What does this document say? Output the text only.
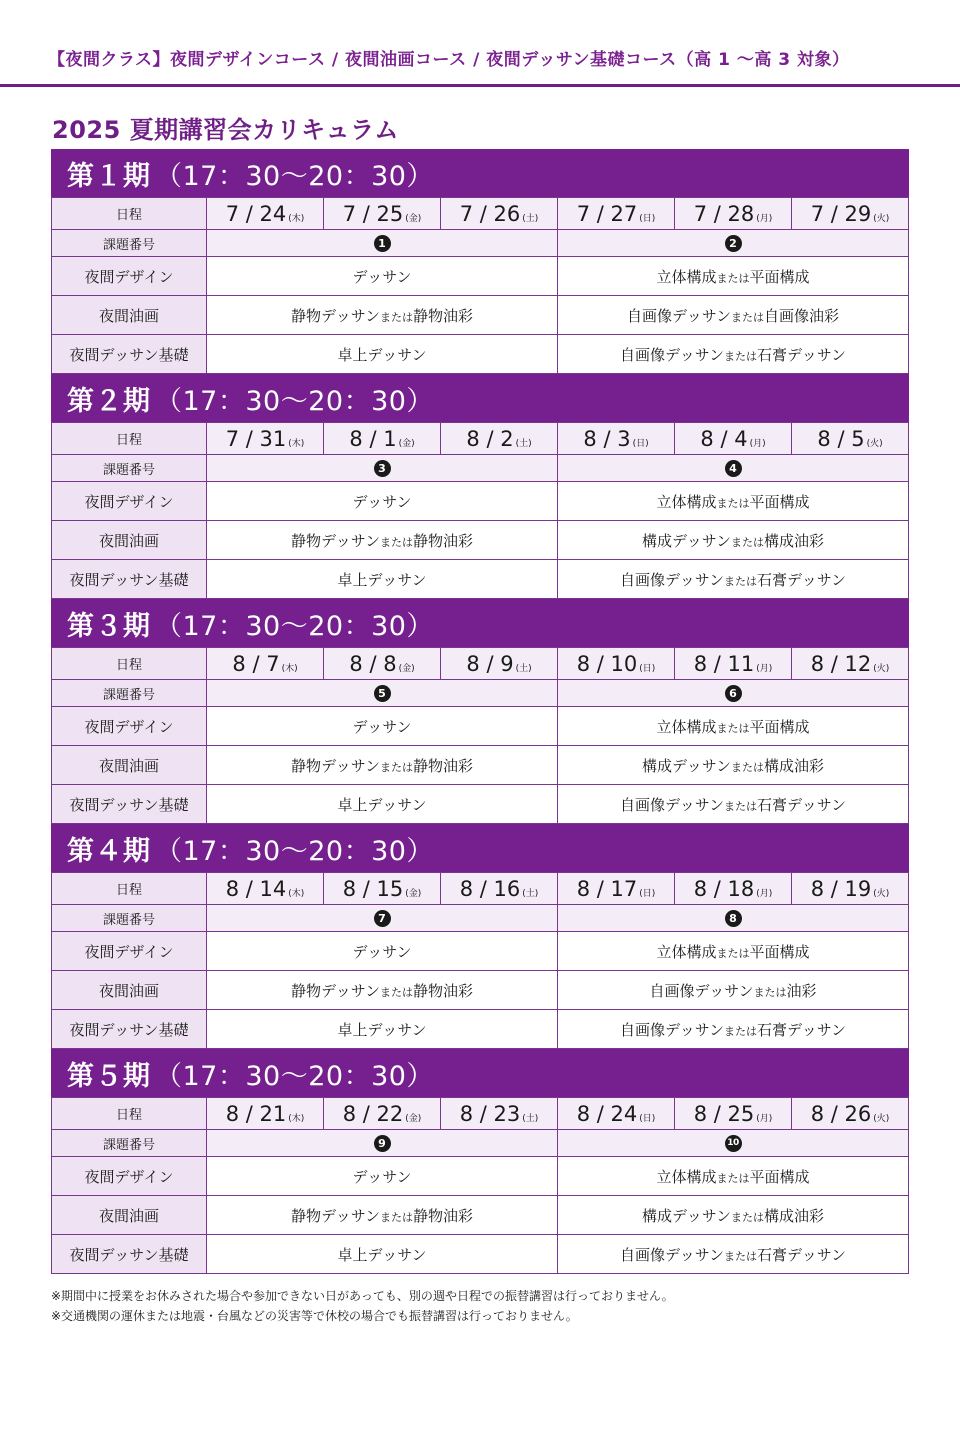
【夜間クラス】夜間デザインコース / 夜間油画コース / 夜間デッサン基礎コース（高 1 〜高 3 対象）
2025 夏期講習会カリキュラム
第１期 （17：30〜20：30）
日程	7 / 24 (木)	7 / 25 (金)	7 / 26 (土)	7 / 27 (日)	7 / 28 (月)	7 / 29 (火)
課題番号	1			2		
夜間デザイン	デッサン			立体構成または平面構成		
夜間油画	静物デッサンまたは静物油彩			自画像デッサンまたは自画像油彩		
夜間デッサン基礎	卓上デッサン			自画像デッサンまたは石膏デッサン		
第２期 （17：30〜20：30）
日程	7 / 31 (木)	8 / 1 (金)	8 / 2 (土)	8 / 3 (日)	8 / 4 (月)	8 / 5 (火)
課題番号	3			4		
夜間デザイン	デッサン			立体構成または平面構成		
夜間油画	静物デッサンまたは静物油彩			構成デッサンまたは構成油彩		
夜間デッサン基礎	卓上デッサン			自画像デッサンまたは石膏デッサン		
第３期 （17：30〜20：30）
日程	8 / 7 (木)	8 / 8 (金)	8 / 9 (土)	8 / 10 (日)	8 / 11 (月)	8 / 12 (火)
課題番号	5			6		
夜間デザイン	デッサン			立体構成または平面構成		
夜間油画	静物デッサンまたは静物油彩			構成デッサンまたは構成油彩		
夜間デッサン基礎	卓上デッサン			自画像デッサンまたは石膏デッサン		
第４期 （17：30〜20：30）
日程	8 / 14 (木)	8 / 15 (金)	8 / 16 (土)	8 / 17 (日)	8 / 18 (月)	8 / 19 (火)
課題番号	7			8		
夜間デザイン	デッサン			立体構成または平面構成		
夜間油画	静物デッサンまたは静物油彩			自画像デッサンまたは油彩		
夜間デッサン基礎	卓上デッサン			自画像デッサンまたは石膏デッサン		
第５期 （17：30〜20：30）
日程	8 / 21 (木)	8 / 22 (金)	8 / 23 (土)	8 / 24 (日)	8 / 25 (月)	8 / 26 (火)
課題番号	9			10		
夜間デザイン	デッサン			立体構成または平面構成		
夜間油画	静物デッサンまたは静物油彩			構成デッサンまたは構成油彩		
夜間デッサン基礎	卓上デッサン			自画像デッサンまたは石膏デッサン		
※期間中に授業をお休みされた場合や参加できない日があっても、別の週や日程での振替講習は行っておりません。
※交通機関の運休または地震・台風などの災害等で休校の場合でも振替講習は行っておりません。
